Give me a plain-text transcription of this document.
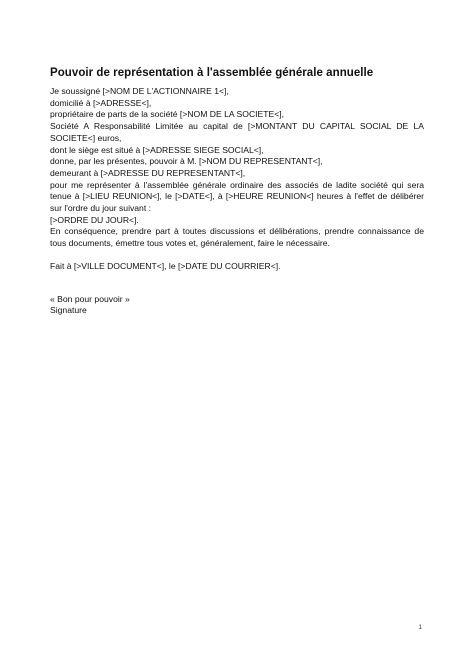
Pouvoir de représentation à l'assemblée générale annuelle
Je soussigné [>NOM DE L'ACTIONNAIRE 1<],
domicilié à [>ADRESSE<],
propriétaire de parts de la société [>NOM DE LA SOCIETE<],
Société A Responsabilité Limitée au capital de [>MONTANT DU CAPITAL SOCIAL DE LA SOCIETE<] euros,
dont le siège est situé à [>ADRESSE SIEGE SOCIAL<],
donne, par les présentes, pouvoir à M. [>NOM DU REPRESENTANT<],
demeurant à [>ADRESSE DU REPRESENTANT<],
pour me représenter à l'assemblée générale ordinaire des associés de ladite société qui sera tenue à [>LIEU REUNION<], le [>DATE<], à [>HEURE REUNION<] heures à l'effet de délibérer sur l'ordre du jour suivant :
[>ORDRE DU JOUR<].
En conséquence, prendre part à toutes discussions et délibérations, prendre connaissance de tous documents, émettre tous votes et, généralement, faire le nécessaire.
Fait à [>VILLE DOCUMENT<], le [>DATE DU COURRIER<].
« Bon pour pouvoir »
Signature
1
